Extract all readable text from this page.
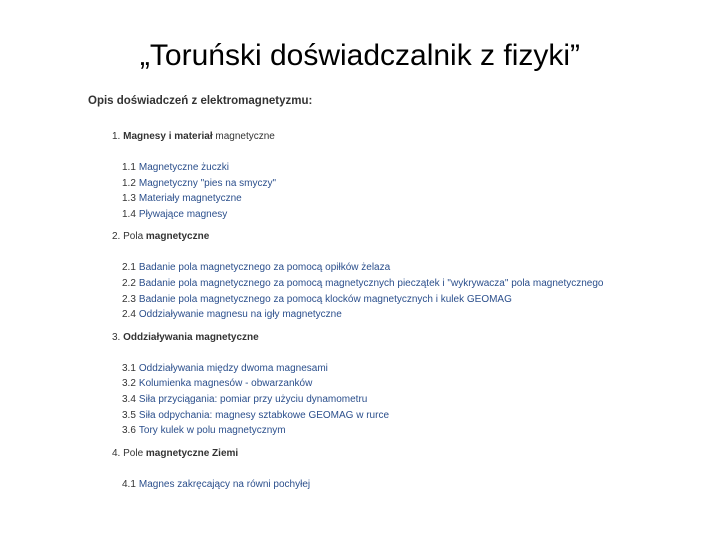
„Toruński doświadczalnik z fizyki”
Opis doświadczeń z elektromagnetyzmu:
1. Magnesy i materiał magnetyczne
1.1 Magnetyczne żuczki
1.2 Magnetyczny "pies na smyczy"
1.3 Materiały magnetyczne
1.4 Pływające magnesy
2. Pola magnetyczne
2.1 Badanie pola magnetycznego za pomocą opiłków żelaza
2.2 Badanie pola magnetycznego za pomocą magnetycznych pieczątek i "wykrywacza" pola magnetycznego
2.3 Badanie pola magnetycznego za pomocą klocków magnetycznych i kulek GEOMAG
2.4 Oddziaływanie magnesu na igły magnetyczne
3. Oddziaływania magnetyczne
3.1 Oddziaływania między dwoma magnesami
3.2 Kolumienka magnesów - obwarzanków
3.4 Siła przyciągania: pomiar przy użyciu dynamometru
3.5 Siła odpychania: magnesy sztabkowe GEOMAG w rurce
3.6 Tory kulek w polu magnetycznym
4. Pole magnetyczne Ziemi
4.1 Magnes zakręcający na równi pochyłej
